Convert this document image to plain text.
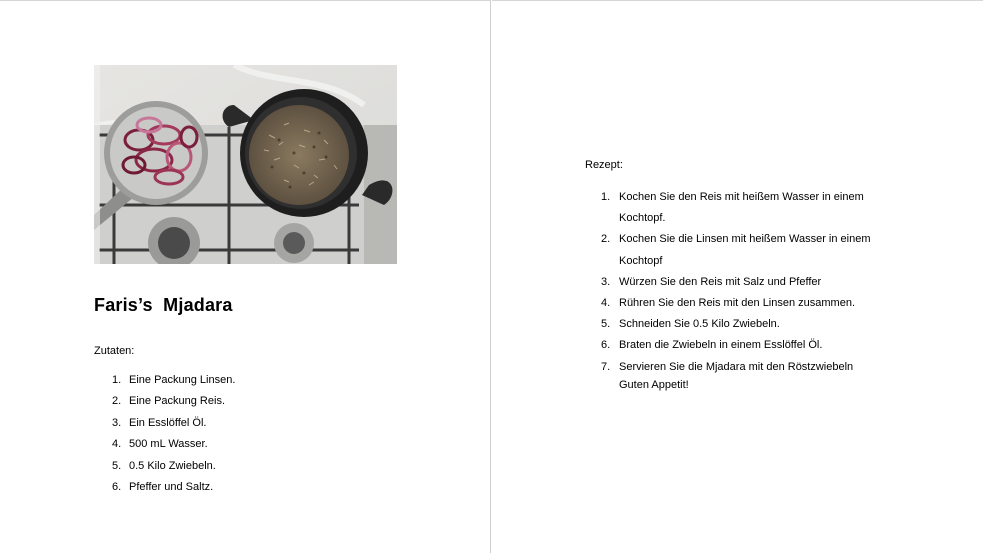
Faris’s  Mjadara
Zutaten:
1. Eine Packung Linsen.
2. Eine Packung Reis.
3. Ein Esslöffel Öl.
4. 500 mL Wasser.
5. 0.5 Kilo Zwiebeln.
6. Pfeffer und Saltz.
Rezept:
1. Kochen Sie den Reis mit heißem Wasser in einem Kochtopf.
2. Kochen Sie die Linsen mit heißem Wasser in einem Kochtopf
3. Würzen Sie den Reis mit Salz und Pfeffer
4. Rühren Sie den Reis mit den Linsen zusammen.
5. Schneiden Sie 0.5 Kilo Zwiebeln.
6. Braten die Zwiebeln in einem Esslöffel Öl.
7. Servieren Sie die Mjadara mit den Röstzwiebeln
Guten Appetit!
